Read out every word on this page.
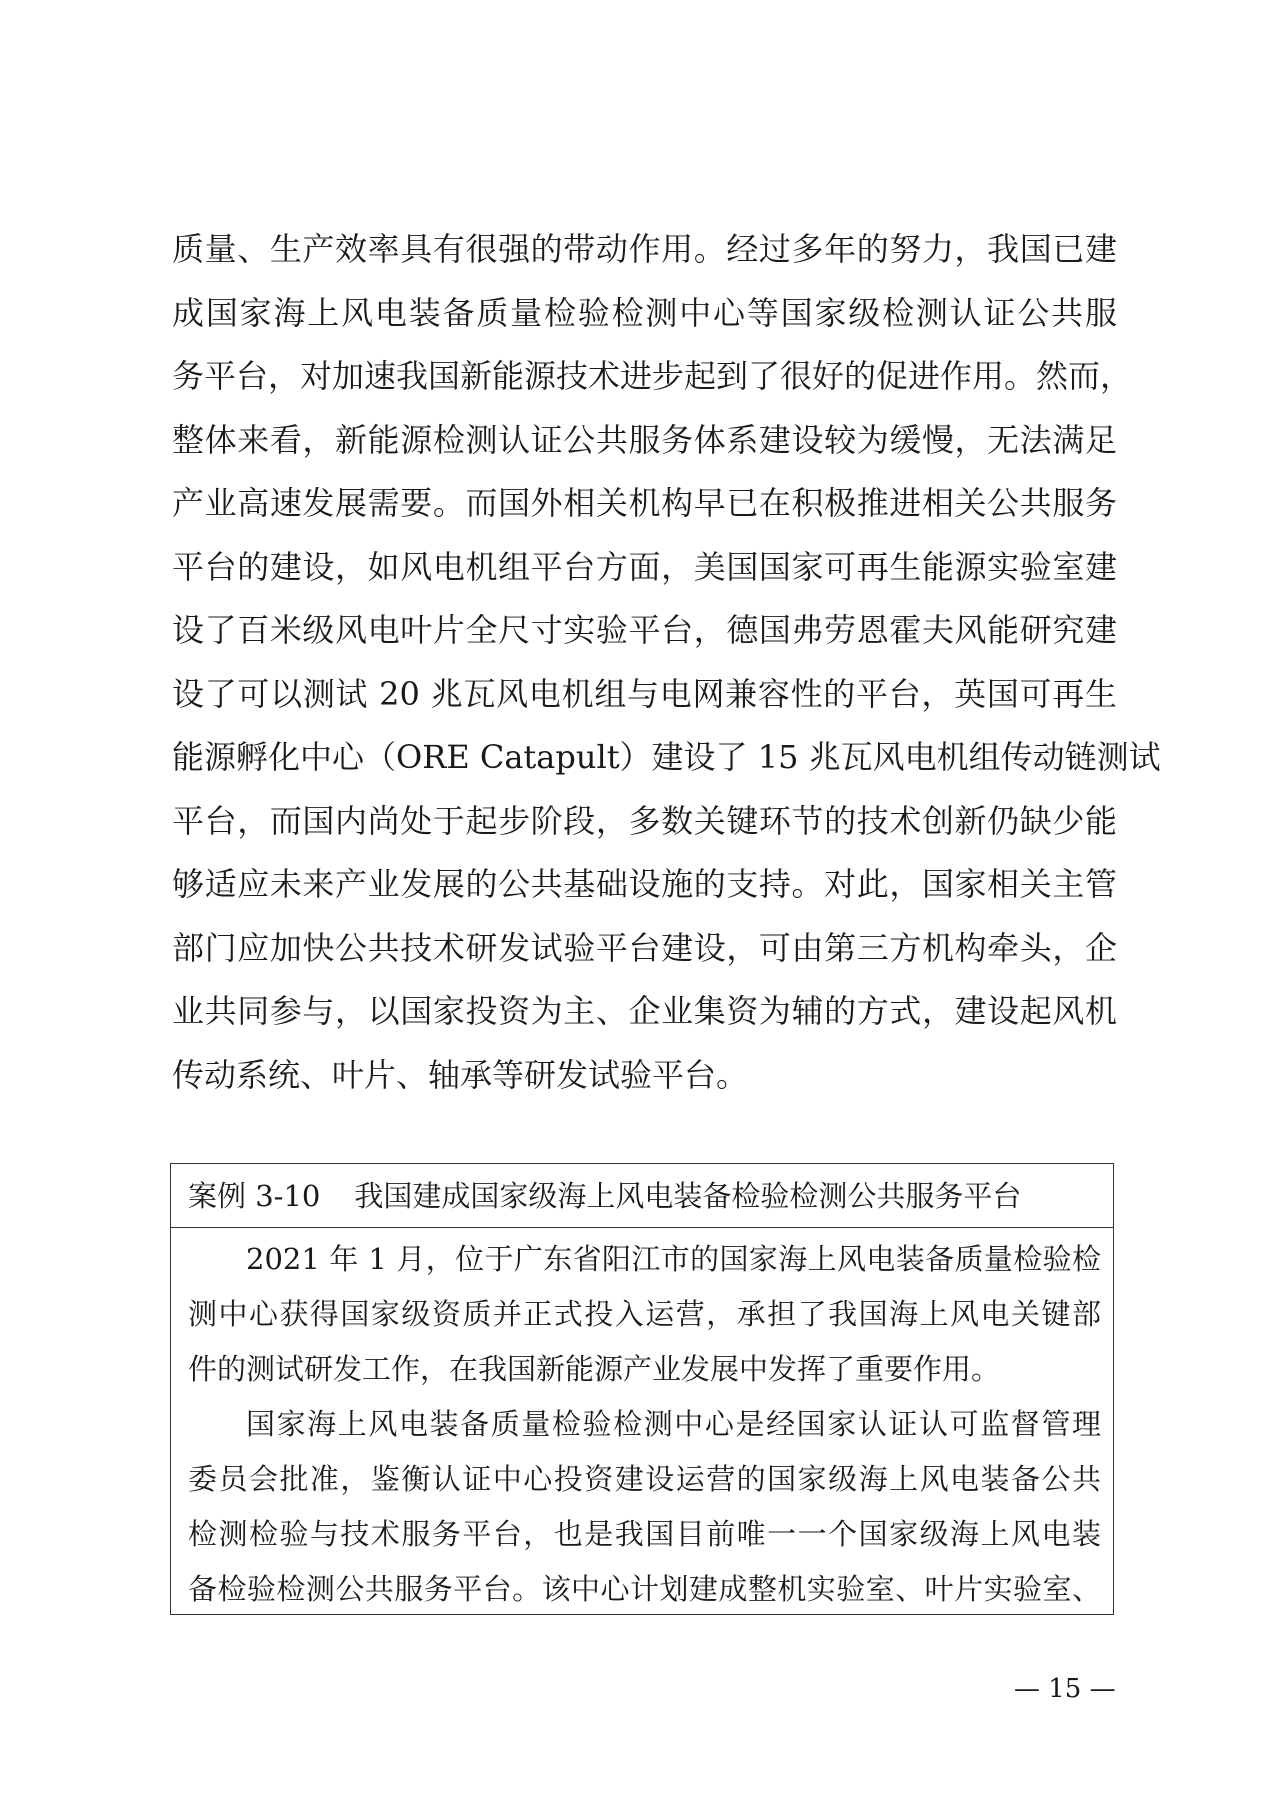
质量、生产效率具有很强的带动作用。经过多年的努力，我国已建
成国家海上风电装备质量检验检测中心等国家级检测认证公共服
务平台，对加速我国新能源技术进步起到了很好的促进作用。然而，
整体来看，新能源检测认证公共服务体系建设较为缓慢，无法满足
产业高速发展需要。而国外相关机构早已在积极推进相关公共服务
平台的建设，如风电机组平台方面，美国国家可再生能源实验室建
设了百米级风电叶片全尺寸实验平台，德国弗劳恩霍夫风能研究建
设了可以测试 20 兆瓦风电机组与电网兼容性的平台，英国可再生
能源孵化中心（ORE Catapult）建设了 15 兆瓦风电机组传动链测试
平台，而国内尚处于起步阶段，多数关键环节的技术创新仍缺少能
够适应未来产业发展的公共基础设施的支持。对此，国家相关主管
部门应加快公共技术研发试验平台建设，可由第三方机构牵头，企
业共同参与，以国家投资为主、企业集资为辅的方式，建设起风机
传动系统、叶片、轴承等研发试验平台。
案例 3-10 我国建成国家级海上风电装备检验检测公共服务平台
2021 年 1 月，位于广东省阳江市的国家海上风电装备质量检验检
测中心获得国家级资质并正式投入运营，承担了我国海上风电关键部
件的测试研发工作，在我国新能源产业发展中发挥了重要作用。
国家海上风电装备质量检验检测中心是经国家认证认可监督管理
委员会批准，鉴衡认证中心投资建设运营的国家级海上风电装备公共
检测检验与技术服务平台，也是我国目前唯一一个国家级海上风电装
备检验检测公共服务平台。该中心计划建成整机实验室、叶片实验室、
— 15 —
